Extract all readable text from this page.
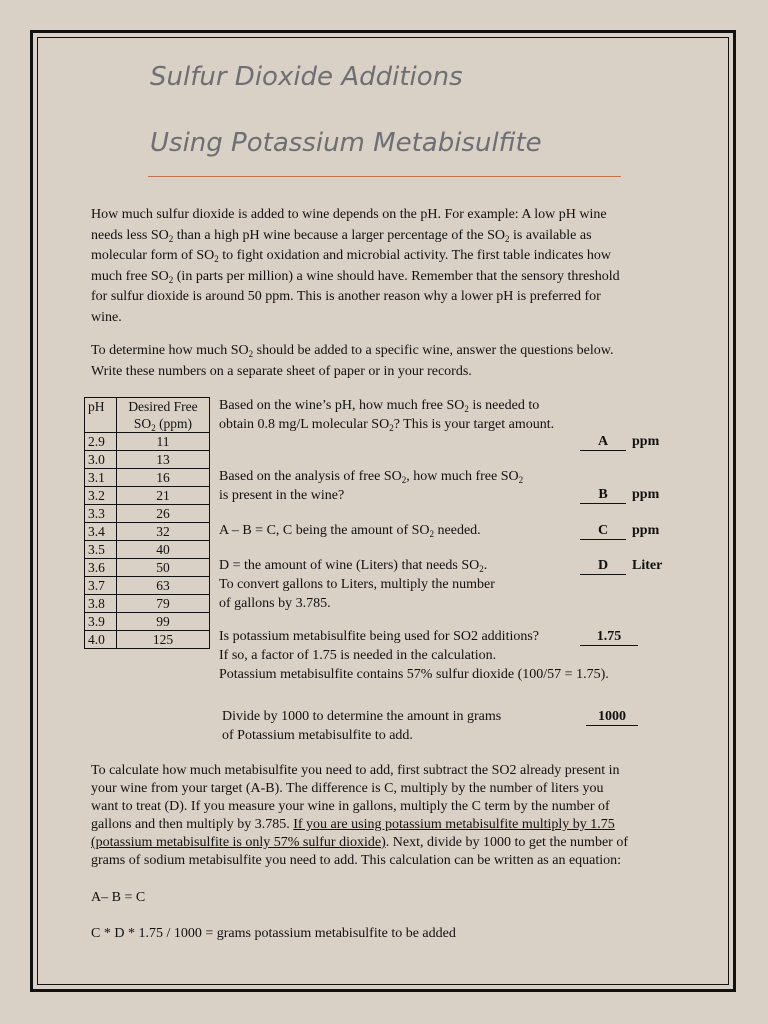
Sulfur Dioxide Additions
Using Potassium Metabisulfite

How much sulfur dioxide is added to wine depends on the pH. For example: A low pH wine
needs less $SO_2$ than a high pH wine because a larger percentage of the $SO_2$ is available as
molecular form of $SO_2$ to fight oxidation and microbial activity. The first table indicates how
much free $SO_2$ (in parts per million) a wine should have. Remember that the sensory threshold
for sulfur dioxide is around 50 ppm. This is another reason why a lower pH is preferred for
wine.

To determine how much $SO_2$ should be added to a specific wine, answer the questions below.
Write these numbers on a separate sheet of paper or in your records.

pH	Desired Free
$SO_2$ (ppm)
2.9	11
3.0	13
3.1	16
3.2	21
3.3	26
3.4	32
3.5	40
3.6	50
3.7	63
3.8	79
3.9	99
4.0	125

Based on the wine’s pH, how much free $SO_2$ is needed to
obtain 0.8 mg/L molecular $SO_2$? This is your target amount.

A ppm

Based on the analysis of free $SO_2$, how much free $SO_2$
is present in the wine?	B ppm

A – B = C, C being the amount of $SO_2$ needed.	C ppm

D = the amount of wine (Liters) that needs $SO_2$.
To convert gallons to Liters, multiply the number
of gallons by 3.785.

D Liter

Is potassium metabisulfite being used for SO2 additions?
If so, a factor of 1.75 is needed in the calculation.
Potassium metabisulfite contains 57% sulfur dioxide (100/57 = 1.75).

1.75

Divide by 1000 to determine the amount in grams
of Potassium metabisulfite to add.

1000

To calculate how much metabisulfite you need to add, first subtract the SO2 already present in
your wine from your target (A-B). The difference is C, multiply by the number of liters you
want to treat (D). If you measure your wine in gallons, multiply the C term by the number of
gallons and then multiply by 3.785. If you are using potassium metabisulfite multiply by 1.75
(potassium metabisulfite is only 57% sulfur dioxide). Next, divide by 1000 to get the number of
grams of sodium metabisulfite you need to add. This calculation can be written as an equation:

A– B = C

C * D * 1.75 / 1000 = grams potassium metabisulfite to be added
